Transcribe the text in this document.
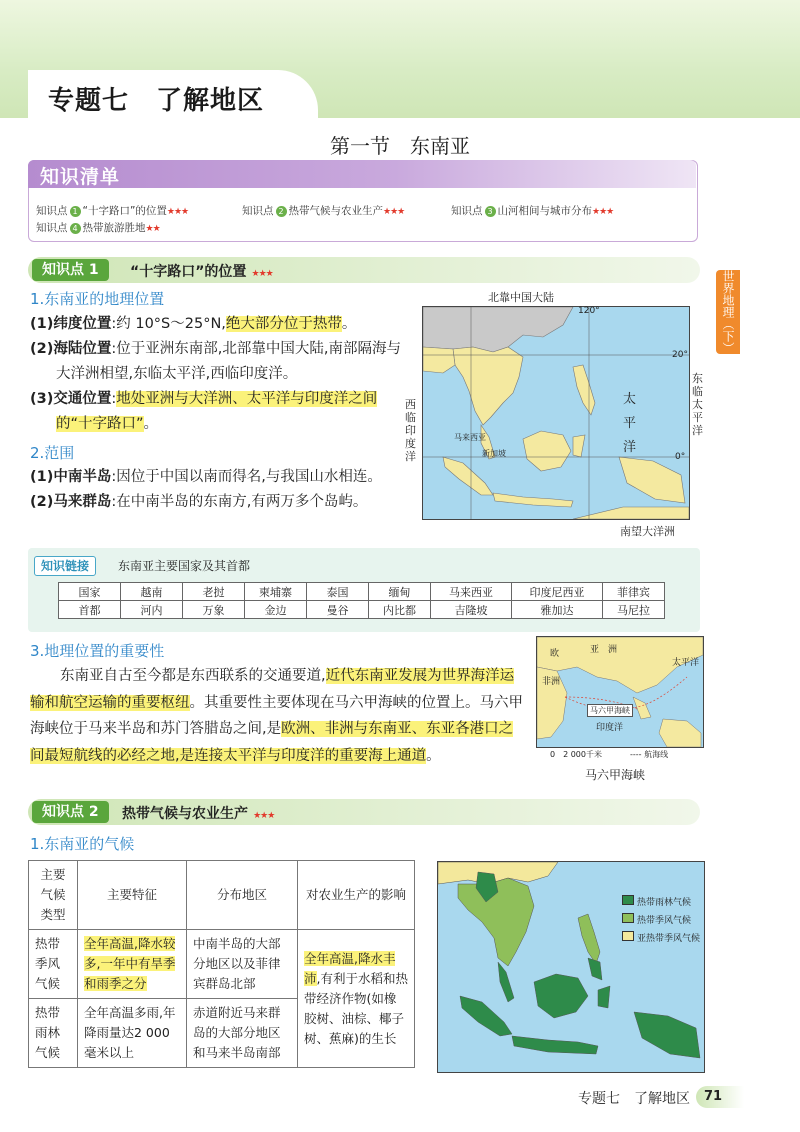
专题七　了解地区
第一节　东南亚
知识清单
知识点 1 “十字路口”的位置★★★	知识点 2 热带气候与农业生产★★★	知识点 3 山河相间与城市分布★★★
知识点 4 热带旅游胜地★★
世界地理（下）
知识点 1	“十字路口”的位置 ★★★
1.东南亚的地理位置
(1)纬度位置:约 10°S～25°N,绝大部分位于热带。
(2)海陆位置:位于亚洲东南部,北部靠中国大陆,南部隔海与大洋洲相望,东临太平洋,西临印度洋。
(3)交通位置:地处亚洲与大洋洲、太平洋与印度洋之间的“十字路口”。
2.范围
(1)中南半岛:因位于中国以南而得名,与我国山水相连。
(2)马来群岛:在中南半岛的东南方,有两万多个岛屿。
北靠中国大陆
20°
0°
120°
马来西亚
新加坡
太平洋
西临印度洋
东临太平洋
南望大洋洲
知识链接	东南亚主要国家及其首都
国家	越南	老挝	柬埔寨	泰国	缅甸	马来西亚	印度尼西亚	菲律宾
首都	河内	万象	金边	曼谷	内比都	吉隆坡	雅加达	马尼拉
3.地理位置的重要性
东南亚自古至今都是东西联系的交通要道,近代东南亚发展为世界海洋运输和航空运输的重要枢纽。其重要性主要体现在马六甲海峡的位置上。马六甲海峡位于马来半岛和苏门答腊岛之间,是欧洲、非洲与东南亚、东亚各港口之间最短航线的必经之地,是连接太平洋与印度洋的重要海上通道。
亚　洲
欧
非洲
太平洋
马六甲海峡
印度洋
0　2 000千米	---- 航海线
马六甲海峡
知识点 2	热带气候与农业生产 ★★★
1.东南亚的气候
主要气候类型	主要特征	分布地区	对农业生产的影响
热带季风气候	全年高温,降水较多,一年中有旱季和雨季之分	中南半岛的大部分地区以及菲律宾群岛北部	全年高温,降水丰沛,有利于水稻和热带经济作物(如橡胶树、油棕、椰子树、蕉麻)的生长
热带雨林气候	全年高温多雨,年降雨量达2 000毫米以上	赤道附近马来群岛的大部分地区和马来半岛南部	
热带雨林气候
热带季风气候
亚热带季风气候
专题七　了解地区	71
